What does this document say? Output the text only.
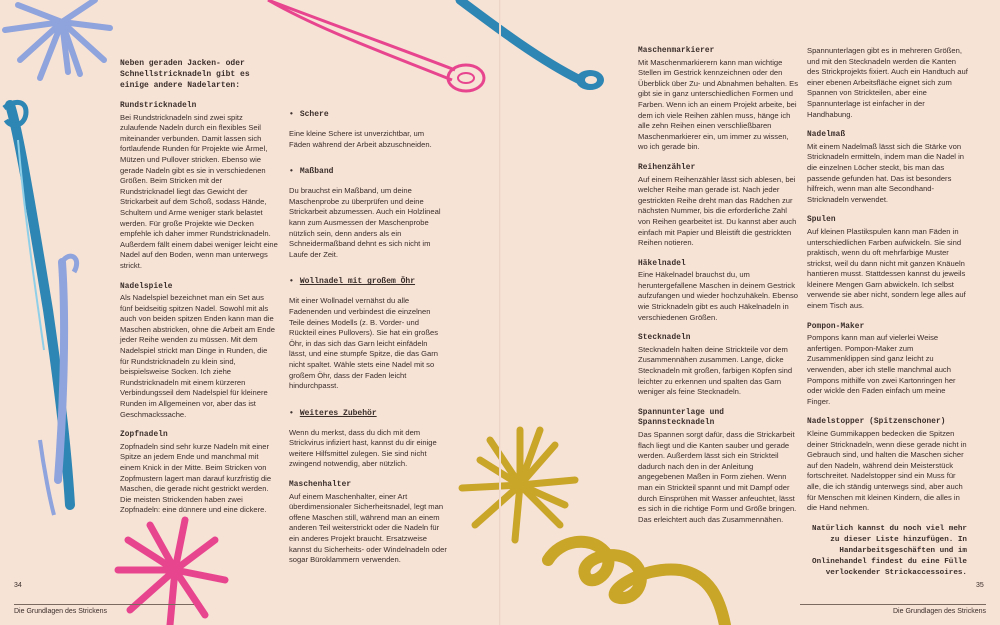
Neben geraden Jacken- oder Schnellstricknadeln gibt es einige andere Nadelarten:

Rundstricknadeln

Bei Rundstricknadeln sind zwei spitz zulaufende Nadeln durch ein flexibles Seil miteinander verbunden. Damit lassen sich fortlaufende Runden für Projekte wie Ärmel, Mützen und Pullover stricken. Ebenso wie gerade Nadeln gibt es sie in verschiedenen Größen. Beim Stricken mit der Rundstricknadel liegt das Gewicht der Strickarbeit auf dem Schoß, sodass Hände, Schultern und Arme weniger stark belastet werden. Für große Projekte wie Decken empfehle ich daher immer Rundstricknadeln. Außerdem fällt einem dabei weniger leicht eine Nadel auf den Boden, wenn man unterwegs strickt.

Nadelspiele

Als Nadelspiel bezeichnet man ein Set aus fünf beidseitig spitzen Nadel. Sowohl mit als auch von beiden spitzen Enden kann man die Maschen abstricken, ohne die Arbeit am Ende jeder Reihe wenden zu müssen. Mit dem Nadelspiel strickt man Dinge in Runden, die für Rundstricknadeln zu klein sind, beispielsweise Socken. Ich ziehe Rundstricknadeln mit einem kürzeren Verbindungsseil dem Nadelspiel für kleinere Runden im Allgemeinen vor, aber das ist Geschmackssache.

Zopfnadeln

Zopfnadeln sind sehr kurze Nadeln mit einer Spitze an jedem Ende und manchmal mit einem Knick in der Mitte. Beim Stricken von Zopfmustern lagert man darauf kurzfristig die Maschen, die gerade nicht gestrickt werden. Die meisten Strickenden haben zwei Zopfnadeln: eine dünnere und eine dickere.

• Schere

Eine kleine Schere ist unverzichtbar, um Fäden während der Arbeit abzuschneiden.

• Maßband

Du brauchst ein Maßband, um deine Maschenprobe zu überprüfen und deine Strickarbeit abzumessen. Auch ein Holzlineal kann zum Ausmessen der Maschenprobe nützlich sein, denn anders als ein Schneidermaßband dehnt es sich nicht im Laufe der Zeit.

• Wollnadel mit großem Öhr

Mit einer Wollnadel vernähst du alle Fadenenden und verbindest die einzelnen Teile deines Modells (z. B. Vorder- und Rückteil eines Pullovers). Sie hat ein großes Öhr, in das sich das Garn leicht einfädeln lässt, und eine stumpfe Spitze, die das Garn nicht spaltet. Wähle stets eine Nadel mit so großem Öhr, dass der Faden leicht hindurchpasst.

• Weiteres Zubehör

Wenn du merkst, dass du dich mit dem Strickvirus infiziert hast, kannst du dir einige weitere Hilfsmittel zulegen. Sie sind nicht zwingend notwendig, aber nützlich.

Maschenhalter

Auf einem Maschenhalter, einer Art überdimensionaler Sicherheitsnadel, legt man offene Maschen still, während man an einem anderen Teil weiterstrickt oder die Nadeln für ein anderes Projekt braucht. Ersatzweise kannst du Sicherheits- oder Windelnadeln oder sogar Büroklammern verwenden.

34
Die Grundlagen des Strickens
Maschenmarkierer

Mit Maschenmarkierern kann man wichtige Stellen im Gestrick kennzeichnen oder den Überblick über Zu- und Abnahmen behalten. Es gibt sie in ganz unterschiedlichen Formen und Farben. Wenn ich an einem Projekt arbeite, bei dem ich viele Reihen zählen muss, hänge ich alle zehn Reihen einen verschließbaren Maschenmarkierer ein, um immer zu wissen, wo ich gerade bin.

Reihenzähler

Auf einem Reihenzähler lässt sich ablesen, bei welcher Reihe man gerade ist. Nach jeder gestrickten Reihe dreht man das Rädchen zur nächsten Nummer, bis die erforderliche Zahl von Reihen gearbeitet ist. Du kannst aber auch einfach mit Papier und Bleistift die gestrickten Reihen notieren.

Häkelnadel

Eine Häkelnadel brauchst du, um heruntergefallene Maschen in deinem Gestrick aufzufangen und wieder hochzuhäkeln. Ebenso wie Stricknadeln gibt es auch Häkelnadeln in verschiedenen Größen.

Stecknadeln

Stecknadeln halten deine Strickteile vor dem Zusammennähen zusammen. Lange, dicke Stecknadeln mit großen, farbigen Köpfen sind leichter zu erkennen und spalten das Garn weniger als feine Stecknadeln.

Spannunterlage und Spannstecknadeln

Das Spannen sorgt dafür, dass die Strickarbeit flach liegt und die Kanten sauber und gerade werden. Außerdem lässt sich ein Strickteil dadurch nach den in der Anleitung angegebenen Maßen in Form ziehen. Wenn man ein Strickteil spannt und mit Dampf oder durch Einsprühen mit Wasser anfeuchtet, lässt es sich in die richtige Form und Größe bringen. Das erleichtert auch das Zusammennähen.

Spannunterlagen gibt es in mehreren Größen, und mit den Stecknadeln werden die Kanten des Strickprojekts fixiert. Auch ein Handtuch auf einer ebenen Arbeitsfläche eignet sich zum Spannen von Strickteilen, aber eine Spannunterlage ist einfacher in der Handhabung.

Nadelmaß

Mit einem Nadelmaß lässt sich die Stärke von Stricknadeln ermitteln, indem man die Nadel in die einzelnen Löcher steckt, bis man das passende gefunden hat. Das ist besonders hilfreich, wenn man alte Secondhand-Stricknadeln verwendet.

Spulen

Auf kleinen Plastikspulen kann man Fäden in unterschiedlichen Farben aufwickeln. Sie sind praktisch, wenn du oft mehrfarbige Muster strickst, weil du dann nicht mit ganzen Knäueln hantieren musst. Stattdessen kannst du jeweils kleinere Mengen Garn abwickeln. Ich selbst verwende sie aber nicht, sondern lege alles auf einem Tisch aus.

Pompon-Maker

Pompons kann man auf vielerlei Weise anfertigen. Pompon-Maker zum Zusammenklippen sind ganz leicht zu verwenden, aber ich stelle manchmal auch Pompons mithilfe von zwei Kartonringen her oder wickle den Faden einfach um meine Finger.

Nadelstopper (Spitzenschoner)

Kleine Gummikappen bedecken die Spitzen deiner Stricknadeln, wenn diese gerade nicht in Gebrauch sind, und halten die Maschen sicher auf den Nadeln, während dein Meisterstück fortschreitet. Nadelstopper sind ein Muss für alle, die ich ständig unterwegs sind, aber auch für Menschen mit kleinen Kindern, die alles in die Hand nehmen.

Natürlich kannst du noch viel mehr zu dieser Liste hinzufügen. In Handarbeitsgeschäften und im Onlinehandel findest du eine Fülle verlockender Strickaccessoires.
35
Die Grundlagen des Strickens
